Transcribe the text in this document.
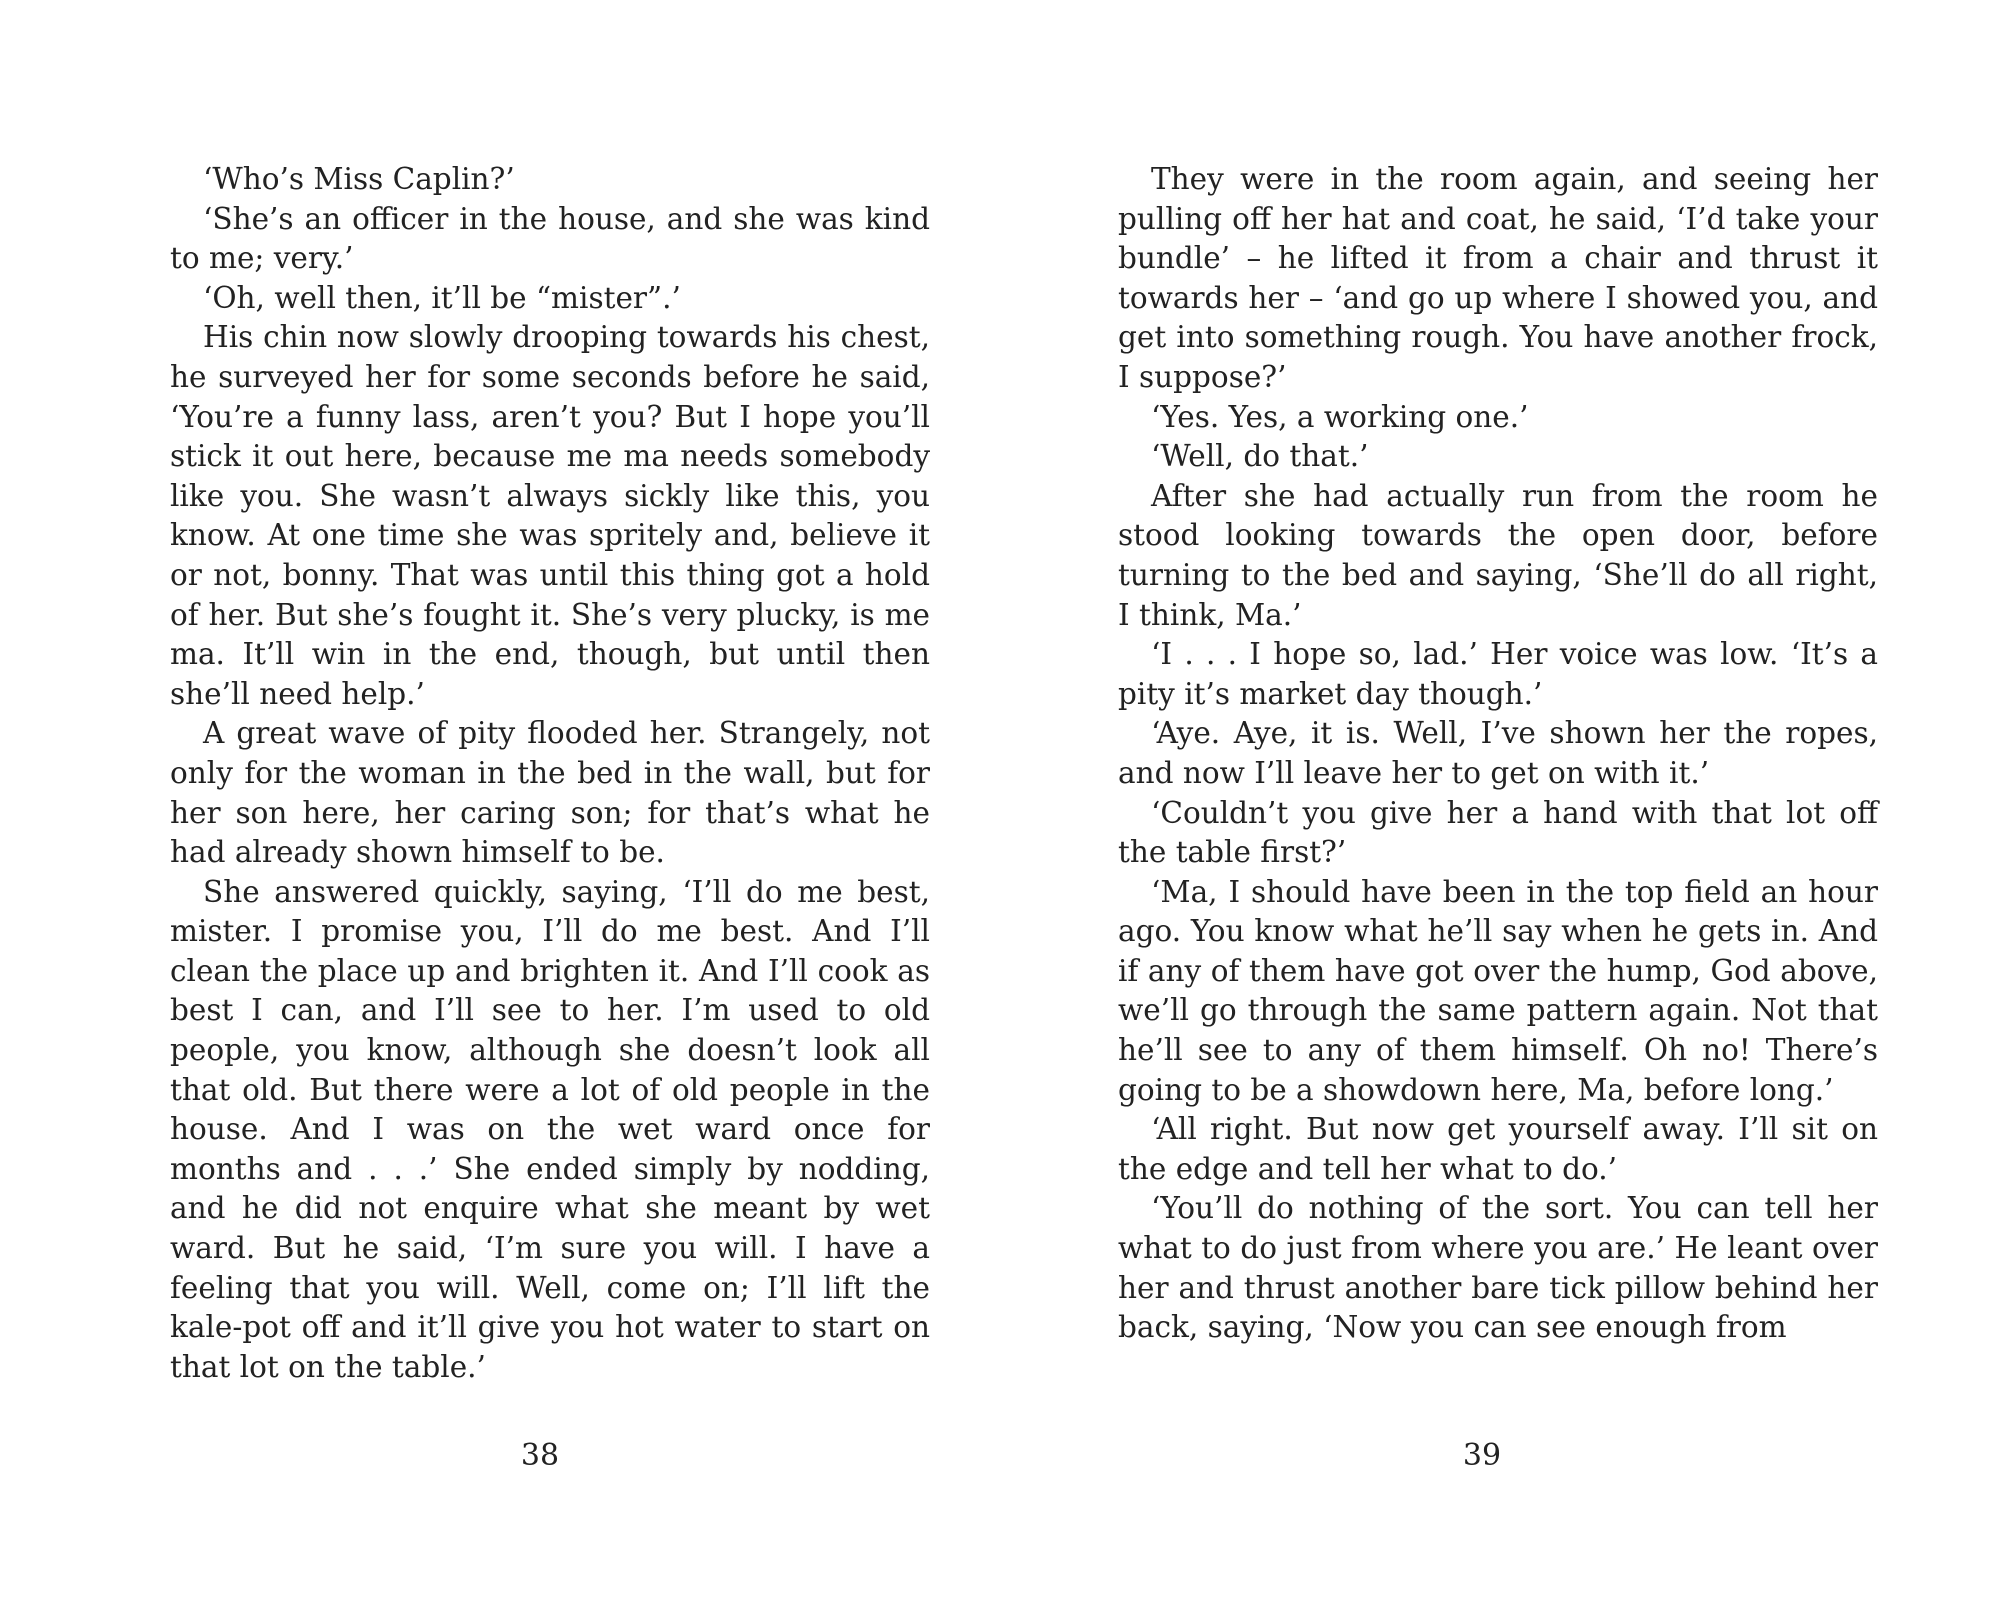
‘Who’s Miss Caplin?’

‘She’s an officer in the house, and she was kind to me; very.’

‘Oh, well then, it’ll be “mister”.’

His chin now slowly drooping towards his chest, he surveyed her for some seconds before he said, ‘You’re a funny lass, aren’t you? But I hope you’ll stick it out here, because me ma needs somebody like you. She wasn’t always sickly like this, you know. At one time she was spritely and, believe it or not, bonny. That was until this thing got a hold of her. But she’s fought it. She’s very plucky, is me ma. It’ll win in the end, though, but until then she’ll need help.’

A great wave of pity flooded her. Strangely, not only for the woman in the bed in the wall, but for her son here, her caring son; for that’s what he had already shown himself to be.

She answered quickly, saying, ‘I’ll do me best, mister. I promise you, I’ll do me best. And I’ll clean the place up and brighten it. And I’ll cook as best I can, and I’ll see to her. I’m used to old people, you know, although she doesn’t look all that old. But there were a lot of old people in the house. And I was on the wet ward once for months and . . .’ She ended simply by nodding, and he did not enquire what she meant by wet ward. But he said, ‘I’m sure you will. I have a feeling that you will. Well, come on; I’ll lift the kale-pot off and it’ll give you hot water to start on that lot on the table.’

38

They were in the room again, and seeing her pulling off her hat and coat, he said, ‘I’d take your bundle’ – he lifted it from a chair and thrust it towards her – ‘and go up where I showed you, and get into something rough. You have another frock, I suppose?’

‘Yes. Yes, a working one.’

‘Well, do that.’

After she had actually run from the room he stood looking towards the open door, before turning to the bed and saying, ‘She’ll do all right, I think, Ma.’

‘I . . . I hope so, lad.’ Her voice was low. ‘It’s a pity it’s market day though.’

‘Aye. Aye, it is. Well, I’ve shown her the ropes, and now I’ll leave her to get on with it.’

‘Couldn’t you give her a hand with that lot off the table first?’

‘Ma, I should have been in the top field an hour ago. You know what he’ll say when he gets in. And if any of them have got over the hump, God above, we’ll go through the same pattern again. Not that he’ll see to any of them himself. Oh no! There’s going to be a showdown here, Ma, before long.’

‘All right. But now get yourself away. I’ll sit on the edge and tell her what to do.’

‘You’ll do nothing of the sort. You can tell her what to do just from where you are.’ He leant over her and thrust another bare tick pillow behind her back, saying, ‘Now you can see enough from

39
